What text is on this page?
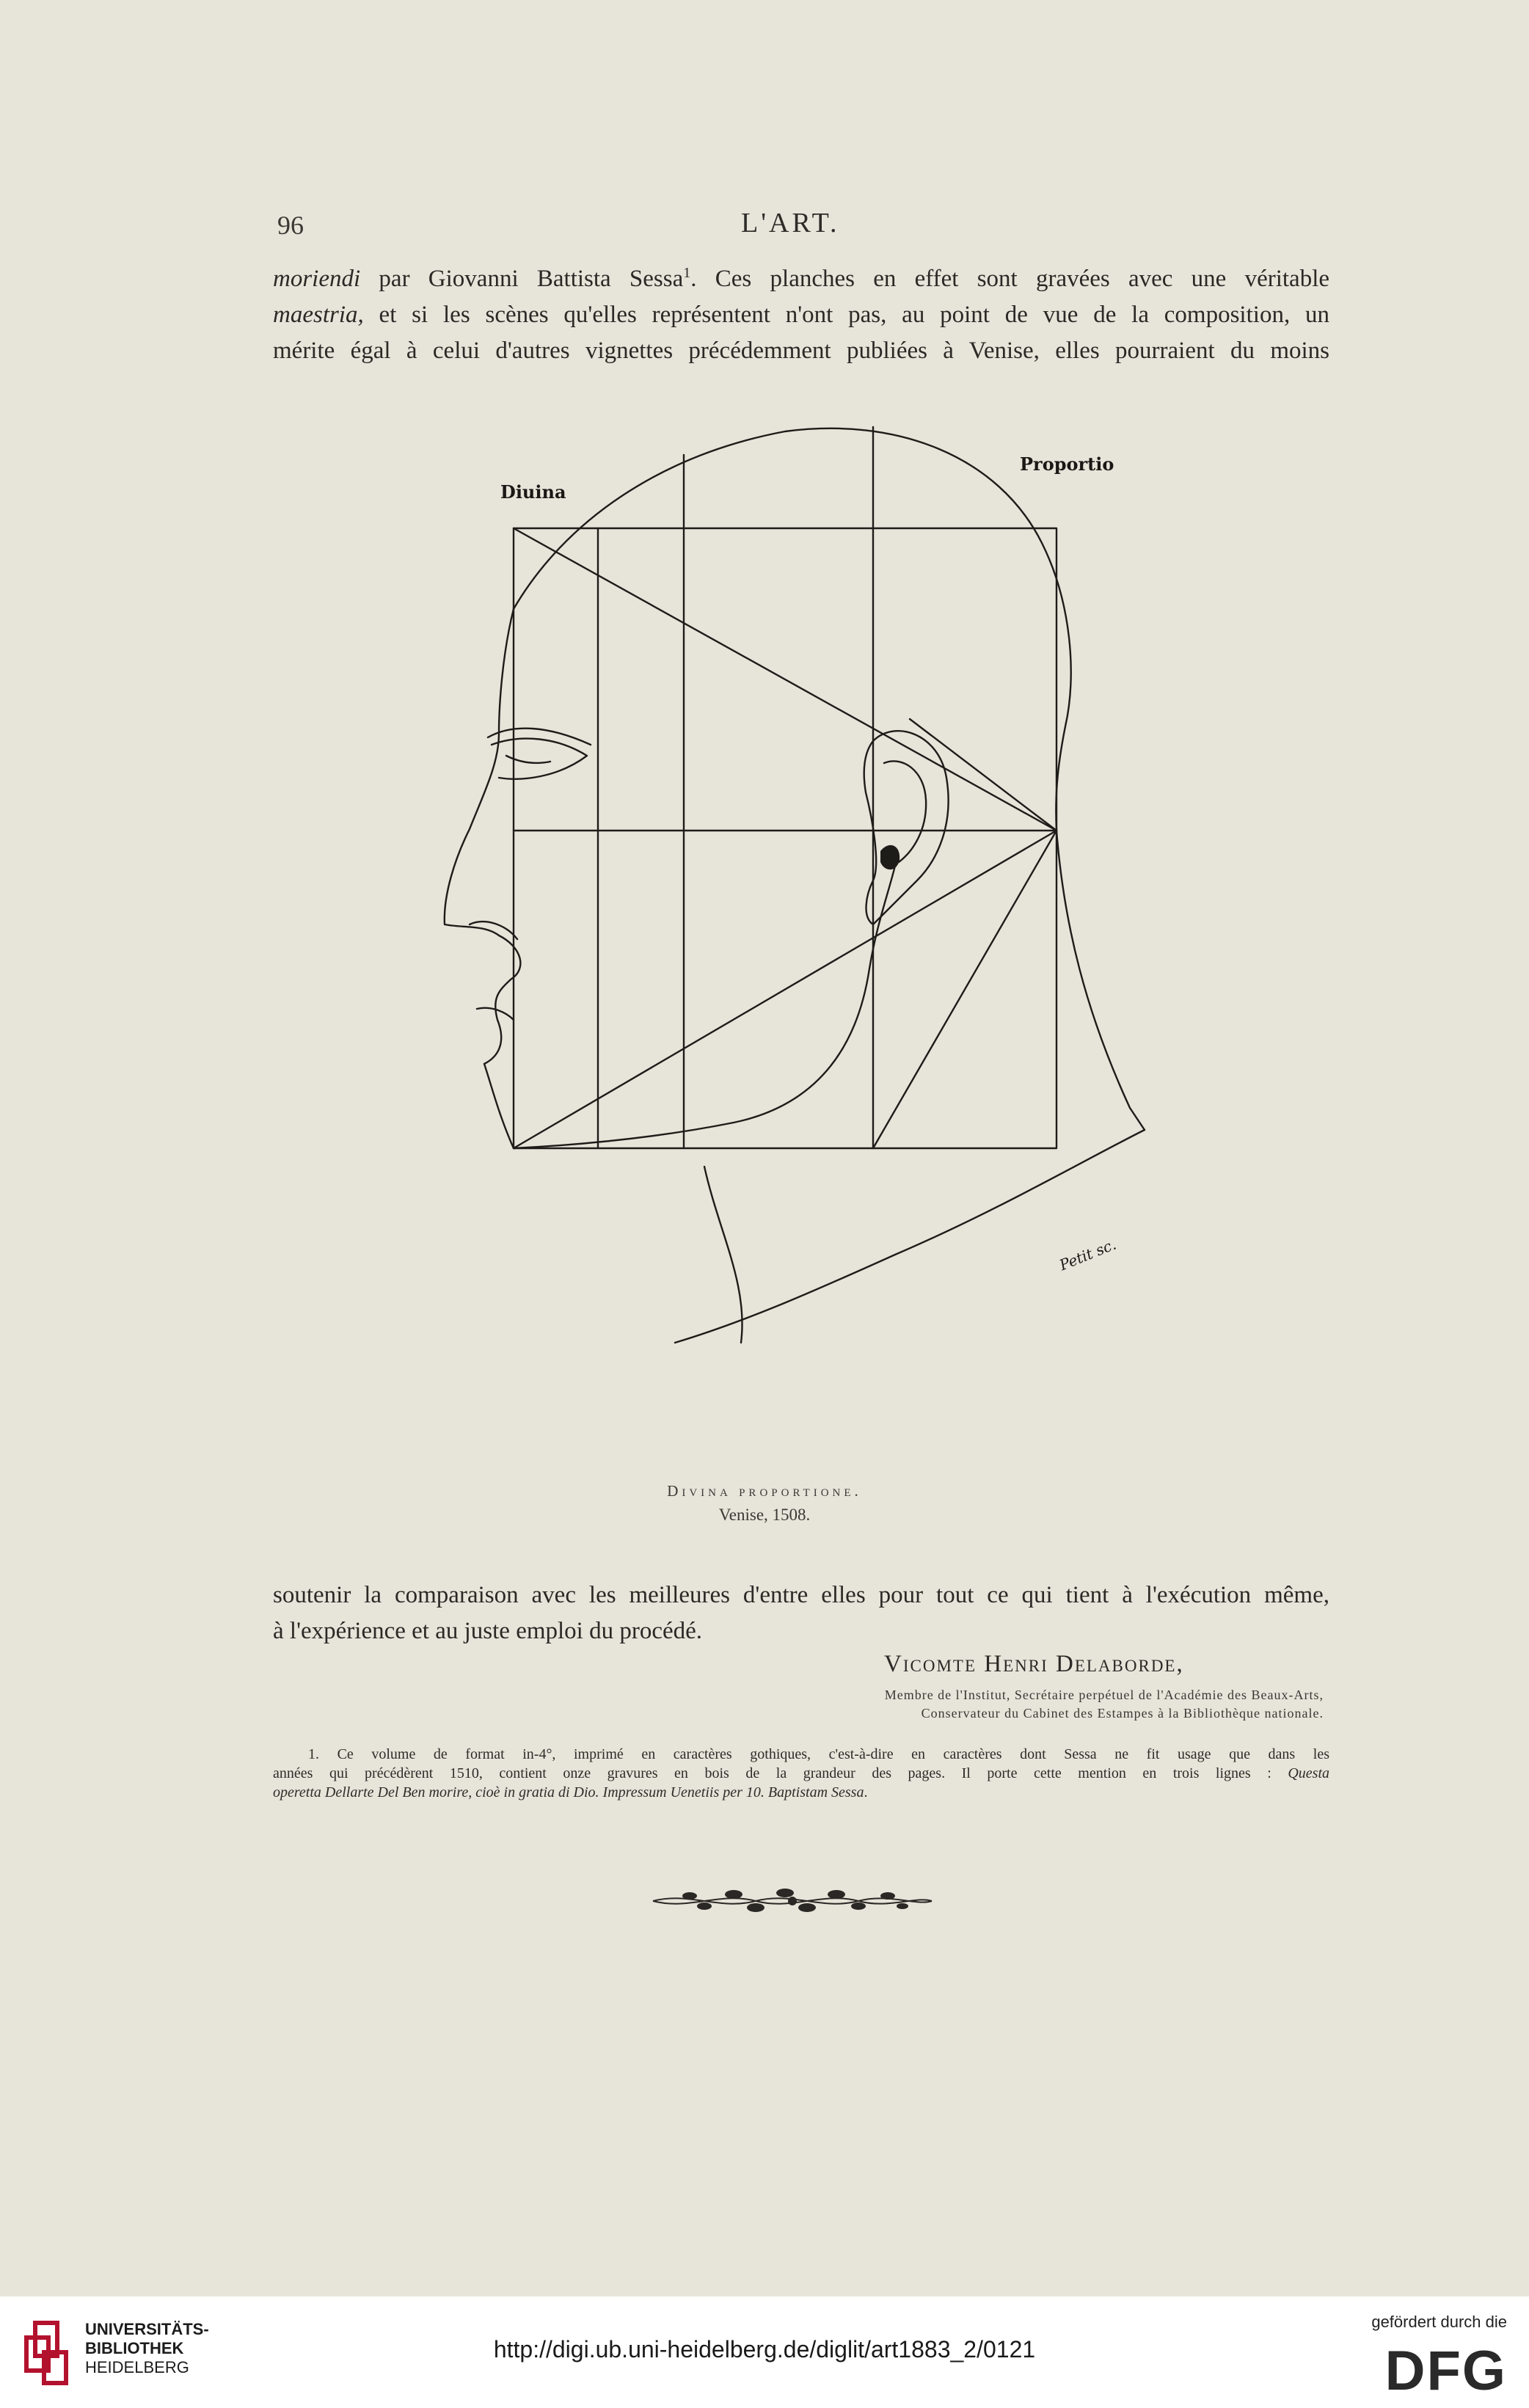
96	L'ART.
moriendi par Giovanni Battista Sessa$^1$. Ces planches en effet sont gravées avec une véritable
maestria, et si les scènes qu'elles représentent n'ont pas, au point de vue de la composition, un
mérite égal à celui d'autres vignettes précédemment publiées à Venise, elles pourraient du moins
Diuina
Proportio
Petit sc.
Divina proportione.
Venise, 1508.
soutenir la comparaison avec les meilleures d'entre elles pour tout ce qui tient à l'exécution même,
à l'expérience et au juste emploi du procédé.
Vicomte Henri Delaborde,
Membre de l'Institut, Secrétaire perpétuel de l'Académie des Beaux-Arts,
Conservateur du Cabinet des Estampes à la Bibliothèque nationale.
1. Ce volume de format in-4°, imprimé en caractères gothiques, c'est-à-dire en caractères dont Sessa ne fit usage que dans les
années qui précédèrent 1510, contient onze gravures en bois de la grandeur des pages. Il porte cette mention en trois lignes : Questa
operetta Dellarte Del Ben morire, cioè in gratia di Dio. Impressum Uenetiis per 10. Baptistam Sessa.
UNIVERSITÄTS-
BIBLIOTHEK
HEIDELBERG
http://digi.ub.uni-heidelberg.de/diglit/art1883_2/0121
gefördert durch die
DFG
